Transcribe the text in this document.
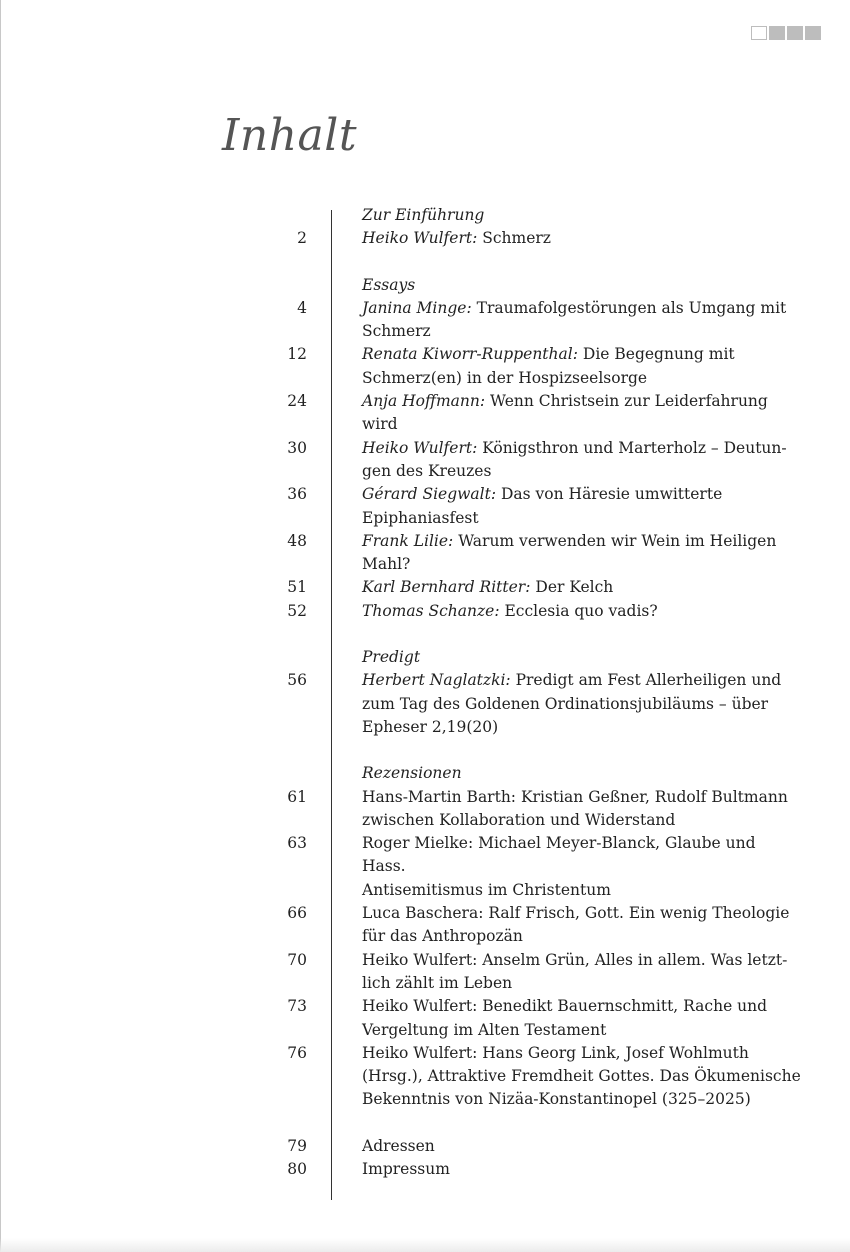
Inhalt
Zur Einführung
2	Heiko Wulfert: Schmerz
Essays
4	Janina Minge: Traumafolgestörungen als Umgang mit
Schmerz
12	Renata Kiworr-Ruppenthal: Die Begegnung mit
Schmerz(en) in der Hospizseelsorge
24	Anja Hoffmann: Wenn Christsein zur Leiderfahrung
wird
30	Heiko Wulfert: Königsthron und Marterholz – Deutun-
gen des Kreuzes
36	Gérard Siegwalt: Das von Häresie umwitterte
Epiphaniasfest
48	Frank Lilie: Warum verwenden wir Wein im Heiligen
Mahl?
51	Karl Bernhard Ritter: Der Kelch
52	Thomas Schanze: Ecclesia quo vadis?
Predigt
56	Herbert Naglatzki: Predigt am Fest Allerheiligen und
zum Tag des Goldenen Ordinationsjubiläums – über
Epheser 2,19(20)
Rezensionen
61	Hans-Martin Barth: Kristian Geßner, Rudolf Bultmann
zwischen Kollaboration und Widerstand
63	Roger Mielke: Michael Meyer-Blanck, Glaube und Hass.
Antisemitismus im Christentum
66	Luca Baschera: Ralf Frisch, Gott. Ein wenig Theologie
für das Anthropozän
70	Heiko Wulfert: Anselm Grün, Alles in allem. Was letzt-
lich zählt im Leben
73	Heiko Wulfert: Benedikt Bauernschmitt, Rache und
Vergeltung im Alten Testament
76	Heiko Wulfert: Hans Georg Link, Josef Wohlmuth
(Hrsg.), Attraktive Fremdheit Gottes. Das Ökumenische
Bekenntnis von Nizäa-Konstantinopel (325–2025)
79	Adressen
80	Impressum
